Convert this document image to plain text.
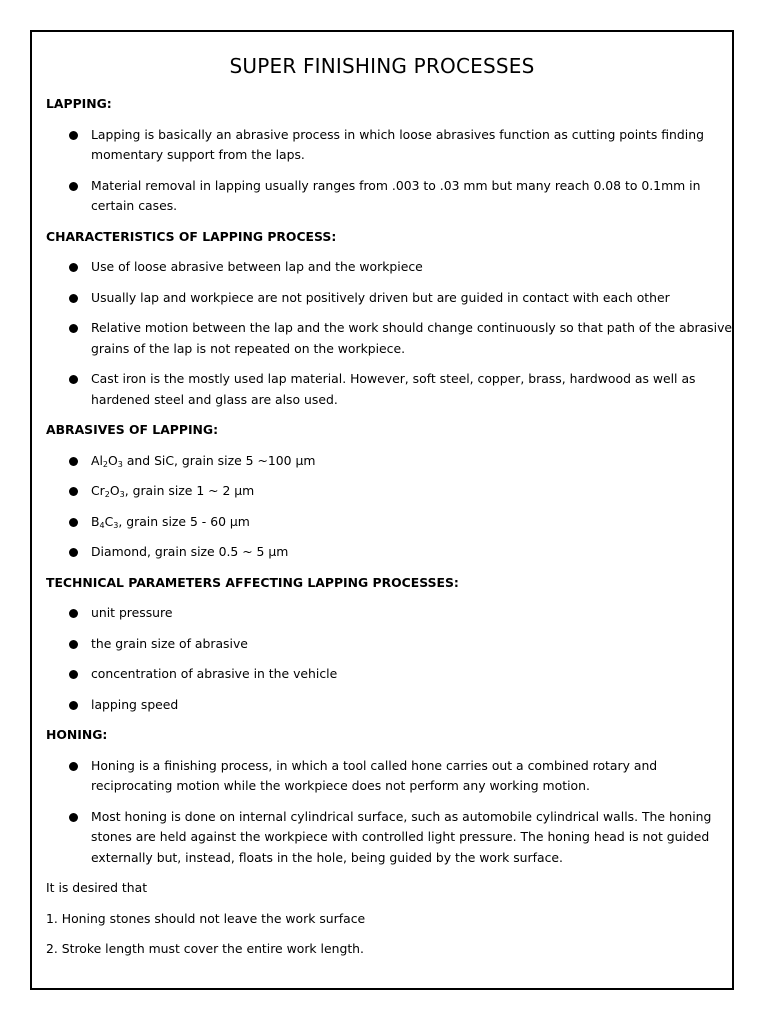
SUPER FINISHING PROCESSES
LAPPING:
Lapping is basically an abrasive process in which loose abrasives function as cutting points finding momentary support from the laps.
Material removal in lapping usually ranges from .003 to .03 mm but many reach 0.08 to 0.1mm in certain cases.
CHARACTERISTICS OF LAPPING PROCESS:
Use of loose abrasive between lap and the workpiece
Usually lap and workpiece are not positively driven but are guided in contact with each other
Relative motion between the lap and the work should change continuously so that path of the abrasive grains of the lap is not repeated on the workpiece.
Cast iron is the mostly used lap material. However, soft steel, copper, brass, hardwood as well as hardened steel and glass are also used.
ABRASIVES OF LAPPING:
Al2O3 and SiC, grain size 5 ~100 µm
Cr2O3, grain size 1 ~ 2 µm
B4C3, grain size 5 - 60 µm
Diamond, grain size 0.5 ~ 5 µm
TECHNICAL PARAMETERS AFFECTING LAPPING PROCESSES:
unit pressure
the grain size of abrasive
concentration of abrasive in the vehicle
lapping speed
HONING:
Honing is a finishing process, in which a tool called hone carries out a combined rotary and reciprocating motion while the workpiece does not perform any working motion.
Most honing is done on internal cylindrical surface, such as automobile cylindrical walls. The honing stones are held against the workpiece with controlled light pressure. The honing head is not guided externally but, instead, floats in the hole, being guided by the work surface.
It is desired that
1. Honing stones should not leave the work surface
2. Stroke length must cover the entire work length.
